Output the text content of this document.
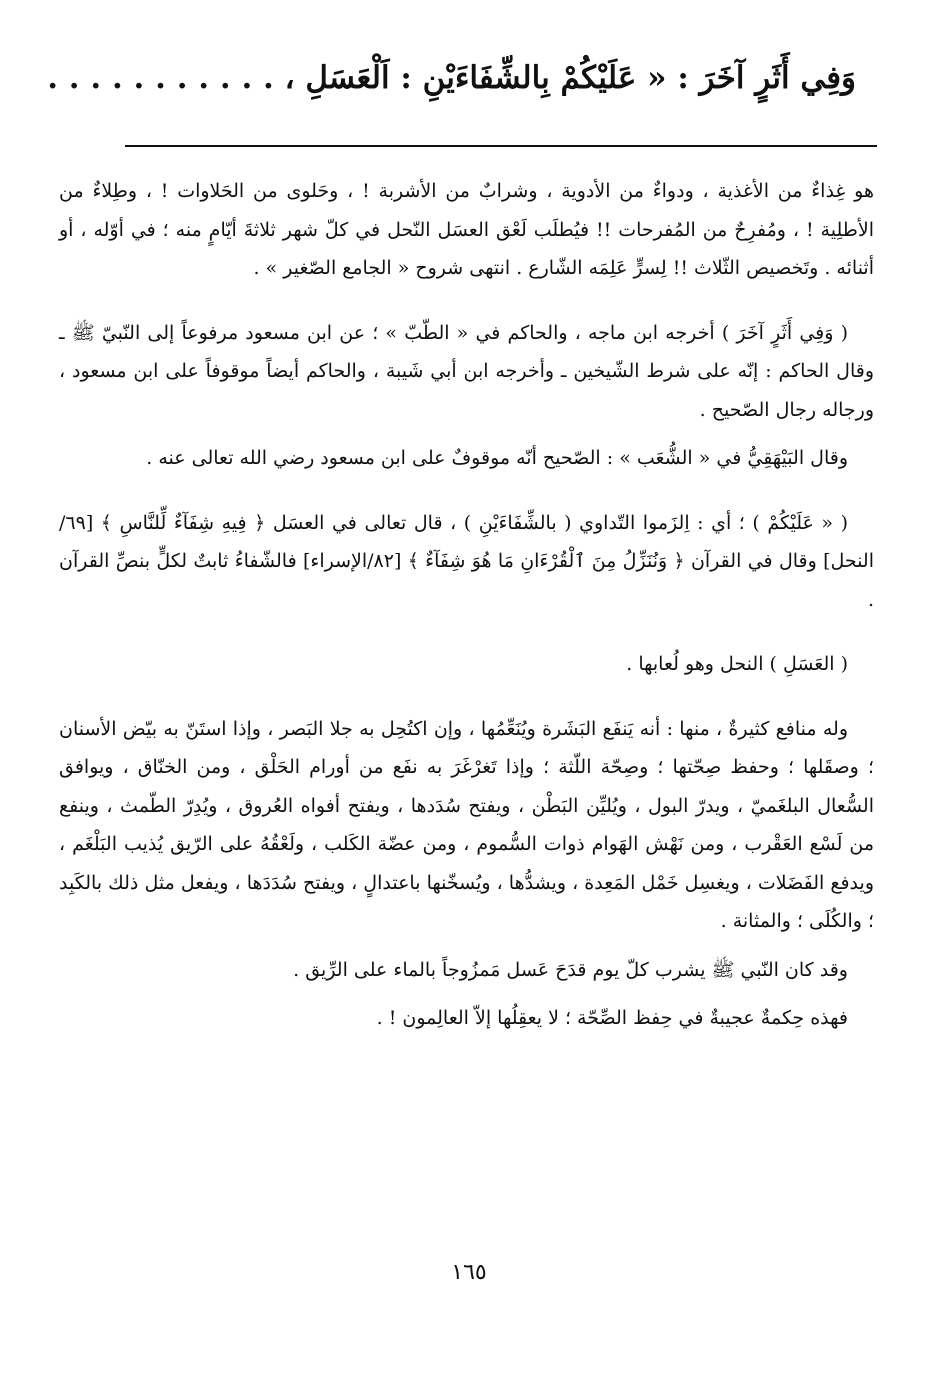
وَفِي أَثَرٍ آخَرَ : « عَلَيْكُمْ بِالشِّفَاءَيْنِ : اَلْعَسَلِ ، . . . . . . . . . . .

هو غِذاءٌ من الأغذية ، ودواءٌ من الأدوية ، وشرابٌ من الأشربة ! ، وحَلوى من الحَلاوات ! ، وطِلاءٌ من الأطلِية ! ، ومُفرِحٌ من المُفرحات !! فيُطلَب لَعْق العسَل النّحل في كلّ شهر ثلاثةَ أيّامٍ منه ؛ في أوّله ، أو أثنائه . وتَخصيص الثّلاث !! لِسرٍّ عَلِمَه الشّارع . انتهى شروح « الجامع الصّغير » .

( وَفِي أَثَرٍ آخَرَ ) أخرجه ابن ماجه ، والحاكم في « الطّبّ » ؛ عن ابن مسعود مرفوعاً إلى النّبيّ ﷺ ـ وقال الحاكم : إنّه على شرط الشّيخين ـ وأخرجه ابن أبي شَيبة ، والحاكم أيضاً موقوفاً على ابن مسعود ، ورجاله رجال الصّحيح .

وقال البَيْهَقِيُّ في « الشُّعَب » : الصّحيح أنّه موقوفٌ على ابن مسعود رضي الله تعالى عنه .

( « عَلَيْكُمْ ) ؛ أي : اِلزَموا التّداوي ( بالشِّفَاءَيْنِ ) ، قال تعالى في العسَل ﴿ فِيهِ شِفَآءٌ لِّلنَّاسِ ﴾ [٦٩/النحل] وقال في القرآن ﴿ وَنُنَزِّلُ مِنَ ٱلْقُرْءَانِ مَا هُوَ شِفَآءٌ ﴾ [٨٢/الإسراء] فالشّفاءُ ثابتٌ لكلٍّ بنصِّ القرآن .

( العَسَلِ ) النحل وهو لُعابها .

وله منافع كثيرةٌ ، منها : أنه يَنفَع البَشَرة ويُنَعِّمُها ، وإن اكتُحِل به جلا البَصر ، وإذا استَنّ به بيّض الأسنان ؛ وصقَلها ؛ وحفظ صِحّتها ؛ وصِحّة اللّثة ؛ وإذا تَغرْغَرَ به نفَع من أورام الحَلْق ، ومن الخنّاق ، ويوافق السُّعال البلغَميّ ، ويدرّ البول ، ويُليِّن البَطْن ، ويفتح سُدَدها ، ويفتح أفواه العُروق ، ويُدِرّ الطّمث ، وينفع من لَسْع العَقْرب ، ومن نَهْش الهَوام ذوات السُّموم ، ومن عضّة الكَلب ، ولَعْقُهُ على الرّيق يُذيب البَلْغَم ، ويدفع الفَضَلات ، ويغسِل خَمْل المَعِدة ، ويشدُّها ، ويُسخّنها باعتدالٍ ، ويفتح سُدَدَها ، ويفعل مثل ذلك بالكَبِد ؛ والكُلَى ؛ والمثانة .

وقد كان النّبي ﷺ يشرب كلّ يوم قدَحَ عَسل مَمزُوجاً بالماء على الرِّيق .

فهذه حِكمةٌ عجيبةٌ في حِفظ الصِّحّة ؛ لا يعقِلُها إلاّ العالِمون ! .

١٦٥
